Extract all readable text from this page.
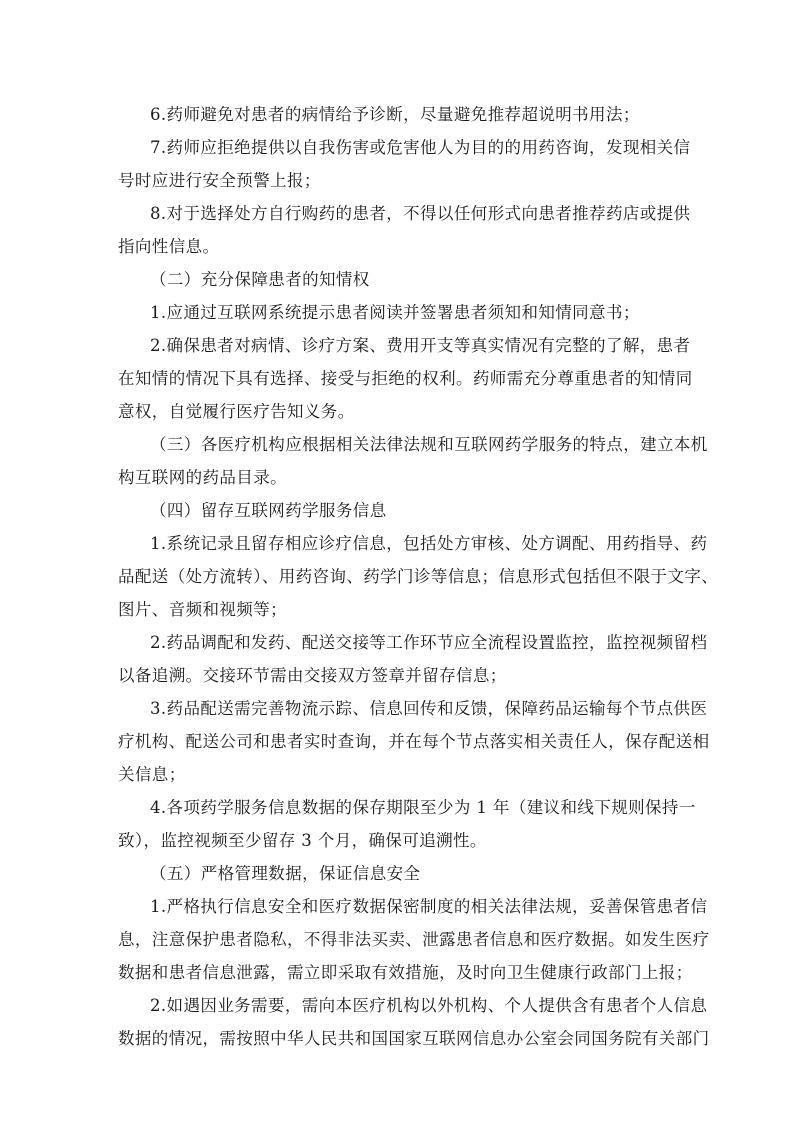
6.药师避免对患者的病情给予诊断，尽量避免推荐超说明书用法；
7.药师应拒绝提供以自我伤害或危害他人为目的的用药咨询，发现相关信
号时应进行安全预警上报；
8.对于选择处方自行购药的患者，不得以任何形式向患者推荐药店或提供
指向性信息。
（二）充分保障患者的知情权
1.应通过互联网系统提示患者阅读并签署患者须知和知情同意书；
2.确保患者对病情、诊疗方案、费用开支等真实情况有完整的了解，患者
在知情的情况下具有选择、接受与拒绝的权利。药师需充分尊重患者的知情同
意权，自觉履行医疗告知义务。
（三）各医疗机构应根据相关法律法规和互联网药学服务的特点，建立本机
构互联网的药品目录。
（四）留存互联网药学服务信息
1.系统记录且留存相应诊疗信息，包括处方审核、处方调配、用药指导、药
品配送（处方流转）、用药咨询、药学门诊等信息；信息形式包括但不限于文字、
图片、音频和视频等；
2.药品调配和发药、配送交接等工作环节应全流程设置监控，监控视频留档
以备追溯。交接环节需由交接双方签章并留存信息；
3.药品配送需完善物流示踪、信息回传和反馈，保障药品运输每个节点供医
疗机构、配送公司和患者实时查询，并在每个节点落实相关责任人，保存配送相
关信息；
4.各项药学服务信息数据的保存期限至少为 1 年（建议和线下规则保持一
致），监控视频至少留存 3 个月，确保可追溯性。
（五）严格管理数据，保证信息安全
1.严格执行信息安全和医疗数据保密制度的相关法律法规，妥善保管患者信
息，注意保护患者隐私，不得非法买卖、泄露患者信息和医疗数据。如发生医疗
数据和患者信息泄露，需立即采取有效措施，及时向卫生健康行政部门上报；
2.如遇因业务需要，需向本医疗机构以外机构、个人提供含有患者个人信息
数据的情况，需按照中华人民共和国国家互联网信息办公室会同国务院有关部门
